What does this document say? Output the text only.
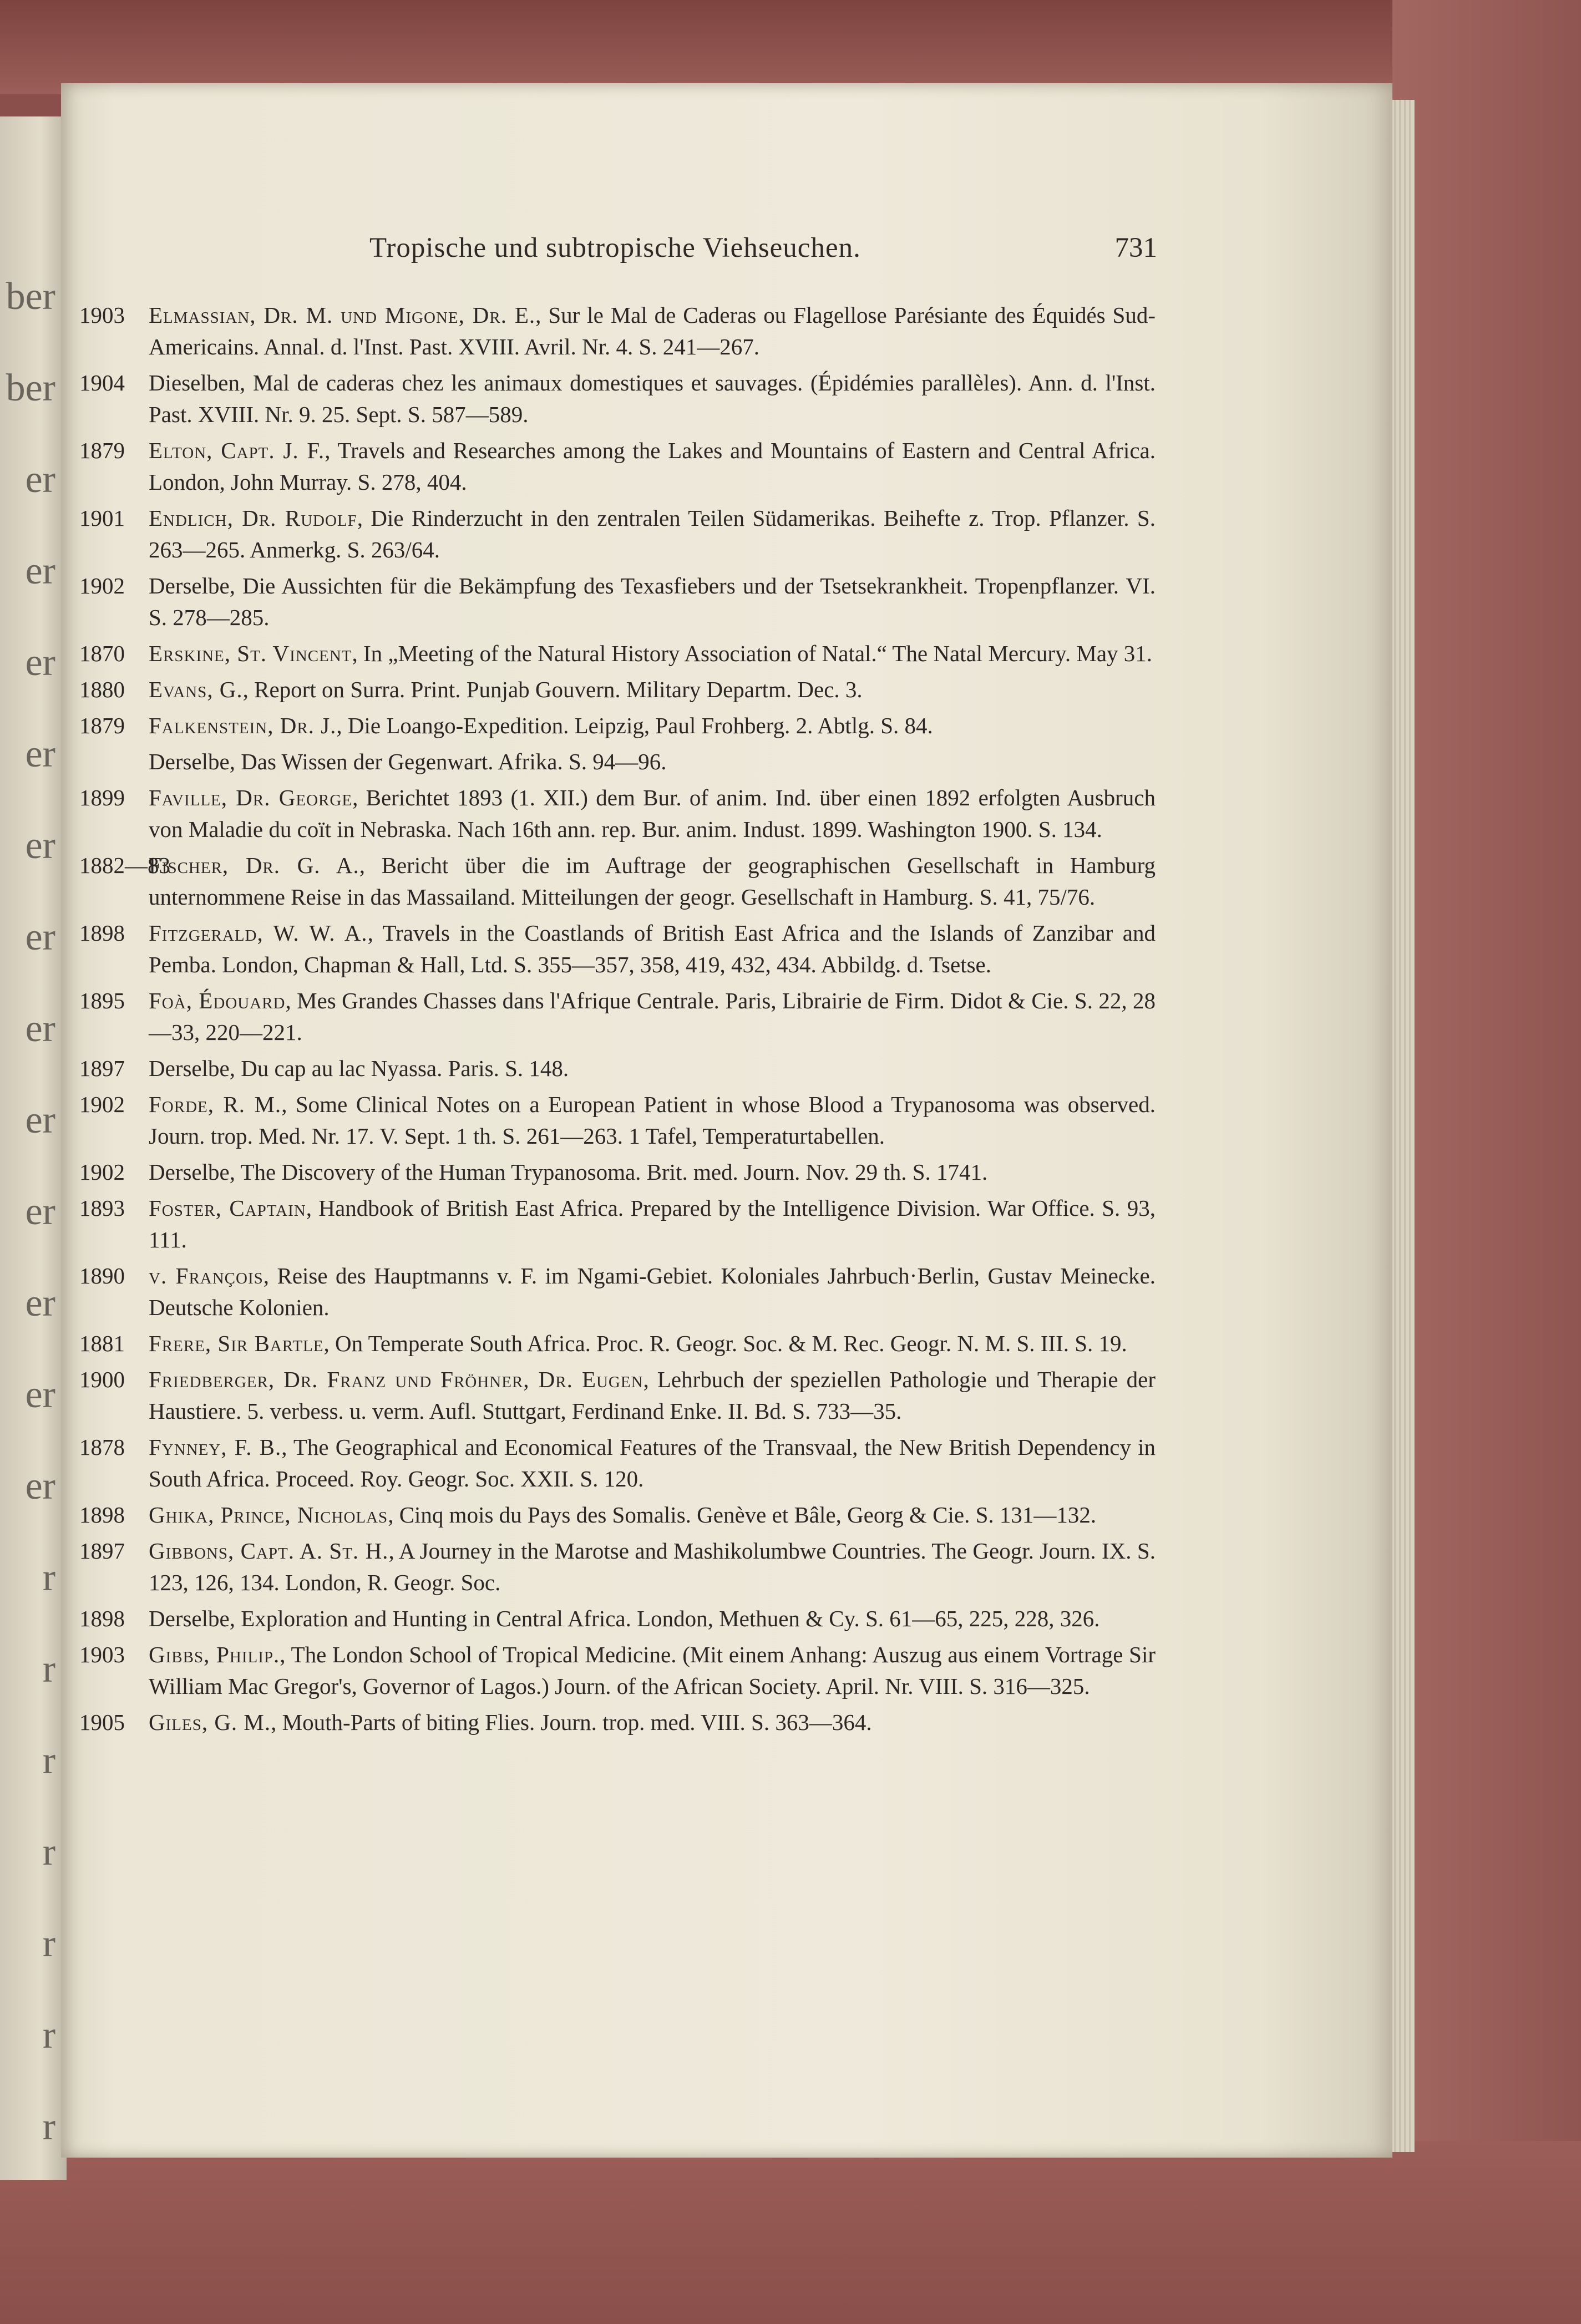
ber
ber
er
er
er
er
er
er
er
er
er
er
er
er
r
r
r
r
r
r
r
Tropische und subtropische Viehseuchen.	731
1903 Elmassian, Dr. M. und Migone, Dr. E., Sur le Mal de Caderas ou Flagellose Parésiante des Équidés Sud-Americains. Annal. d. l'Inst. Past. XVIII. Avril. Nr. 4. S. 241—267.
1904 Dieselben, Mal de caderas chez les animaux domestiques et sauvages. (Épidémies parallèles). Ann. d. l'Inst. Past. XVIII. Nr. 9. 25. Sept. S. 587—589.
1879 Elton, Capt. J. F., Travels and Researches among the Lakes and Mountains of Eastern and Central Africa. London, John Murray. S. 278, 404.
1901 Endlich, Dr. Rudolf, Die Rinderzucht in den zentralen Teilen Südamerikas. Beihefte z. Trop. Pflanzer. S. 263—265. Anmerkg. S. 263/64.
1902 Derselbe, Die Aussichten für die Bekämpfung des Texasfiebers und der Tsetsekrankheit. Tropenpflanzer. VI. S. 278—285.
1870 Erskine, St. Vincent, In „Meeting of the Natural History Association of Natal.“ The Natal Mercury. May 31.
1880 Evans, G., Report on Surra. Print. Punjab Gouvern. Military Departm. Dec. 3.
1879 Falkenstein, Dr. J., Die Loango-Expedition. Leipzig, Paul Frohberg. 2. Abtlg. S. 84.
Derselbe, Das Wissen der Gegenwart. Afrika. S. 94—96.
1899 Faville, Dr. George, Berichtet 1893 (1. XII.) dem Bur. of anim. Ind. über einen 1892 erfolgten Ausbruch von Maladie du coït in Nebraska. Nach 16th ann. rep. Bur. anim. Indust. 1899. Washington 1900. S. 134.
1882—83
Fischer, Dr. G. A., Bericht über die im Auftrage der geographischen Gesellschaft in Hamburg unternommene Reise in das Massailand. Mitteilungen der geogr. Gesellschaft in Hamburg. S. 41, 75/76.
1898 Fitzgerald, W. W. A., Travels in the Coastlands of British East Africa and the Islands of Zanzibar and Pemba. London, Chapman & Hall, Ltd. S. 355—357, 358, 419, 432, 434. Abbildg. d. Tsetse.
1895 Foà, Édouard, Mes Grandes Chasses dans l'Afrique Centrale. Paris, Librairie de Firm. Didot & Cie. S. 22, 28—33, 220—221.
1897 Derselbe, Du cap au lac Nyassa. Paris. S. 148.
1902 Forde, R. M., Some Clinical Notes on a European Patient in whose Blood a Trypanosoma was observed. Journ. trop. Med. Nr. 17. V. Sept. 1 th. S. 261—263. 1 Tafel, Temperaturtabellen.
1902 Derselbe, The Discovery of the Human Trypanosoma. Brit. med. Journ. Nov. 29 th. S. 1741.
1893 Foster, Captain, Handbook of British East Africa. Prepared by the Intelligence Division. War Office. S. 93, 111.
1890 v. François, Reise des Hauptmanns v. F. im Ngami-Gebiet. Koloniales Jahrbuch·Berlin, Gustav Meinecke. Deutsche Kolonien.
1881 Frere, Sir Bartle, On Temperate South Africa. Proc. R. Geogr. Soc. & M. Rec. Geogr. N. M. S. III. S. 19.
1900 Friedberger, Dr. Franz und Fröhner, Dr. Eugen, Lehrbuch der speziellen Pathologie und Therapie der Haustiere. 5. verbess. u. verm. Aufl. Stuttgart, Ferdinand Enke. II. Bd. S. 733—35.
1878 Fynney, F. B., The Geographical and Economical Features of the Transvaal, the New British Dependency in South Africa. Proceed. Roy. Geogr. Soc. XXII. S. 120.
1898 Ghika, Prince, Nicholas, Cinq mois du Pays des Somalis. Genève et Bâle, Georg & Cie. S. 131—132.
1897 Gibbons, Capt. A. St. H., A Journey in the Marotse and Mashikolumbwe Countries. The Geogr. Journ. IX. S. 123, 126, 134. London, R. Geogr. Soc.
1898 Derselbe, Exploration and Hunting in Central Africa. London, Methuen & Cy. S. 61—65, 225, 228, 326.
1903 Gibbs, Philip., The London School of Tropical Medicine. (Mit einem Anhang: Auszug aus einem Vortrage Sir William Mac Gregor's, Governor of Lagos.) Journ. of the African Society. April. Nr. VIII. S. 316—325.
1905 Giles, G. M., Mouth-Parts of biting Flies. Journ. trop. med. VIII. S. 363—364.
